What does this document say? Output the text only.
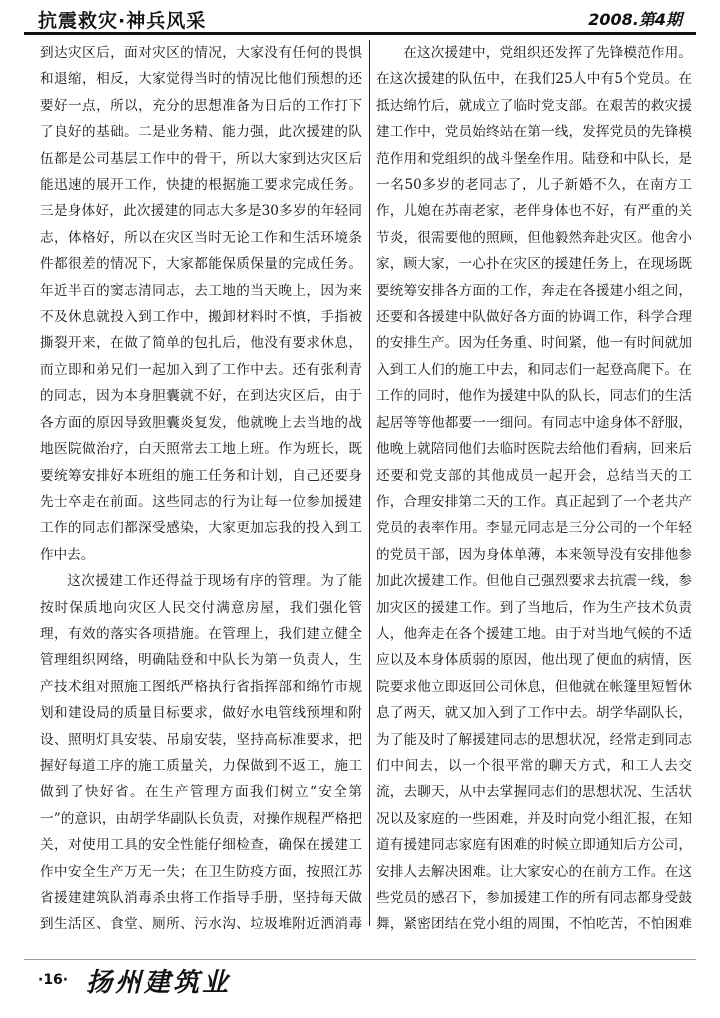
抗震救灾·神兵风采	2008.第4期

到达灾区后，面对灾区的情况，大家没有任何的畏惧和退缩，相反，大家觉得当时的情况比他们预想的还要好一点，所以，充分的思想准备为日后的工作打下了良好的基础。二是业务精、能力强，此次援建的队伍都是公司基层工作中的骨干，所以大家到达灾区后能迅速的展开工作，快捷的根据施工要求完成任务。三是身体好，此次援建的同志大多是30多岁的年轻同志，体格好，所以在灾区当时无论工作和生活环境条件都很差的情况下，大家都能保质保量的完成任务。年近半百的窦志清同志，去工地的当天晚上，因为来不及休息就投入到工作中，搬卸材料时不慎，手指被撕裂开来，在做了简单的包扎后，他没有要求休息，而立即和弟兄们一起加入到了工作中去。还有张利青的同志，因为本身胆囊就不好，在到达灾区后，由于各方面的原因导致胆囊炎复发，他就晚上去当地的战地医院做治疗，白天照常去工地上班。作为班长，既要统筹安排好本班组的施工任务和计划，自己还要身先士卒走在前面。这些同志的行为让每一位参加援建工作的同志们都深受感染，大家更加忘我的投入到工作中去。

这次援建工作还得益于现场有序的管理。为了能按时保质地向灾区人民交付满意房屋，我们强化管理，有效的落实各项措施。在管理上，我们建立健全管理组织网络，明确陆登和中队长为第一负责人，生产技术组对照施工图纸严格执行省指挥部和绵竹市规划和建设局的质量目标要求，做好水电管线预埋和附设、照明灯具安装、吊扇安装，坚持高标准要求，把握好每道工序的施工质量关，力保做到不返工，施工做到了快好省。在生产管理方面我们树立“安全第一”的意识，由胡学华副队长负责，对操作规程严格把关，对使用工具的安全性能仔细检查，确保在援建工作中安全生产万无一失；在卫生防疫方面，按照江苏省援建建筑队消毒杀虫将工作指导手册，坚持每天做到生活区、食堂、厕所、污水沟、垃圾堆附近洒消毒

在这次援建中，党组织还发挥了先锋模范作用。在这次援建的队伍中，在我们25人中有5个党员。在抵达绵竹后，就成立了临时党支部。在艰苦的救灾援建工作中，党员始终站在第一线，发挥党员的先锋模范作用和党组织的战斗堡垒作用。陆登和中队长，是一名50多岁的老同志了，儿子新婚不久，在南方工作，儿媳在苏南老家，老伴身体也不好，有严重的关节炎，很需要他的照顾，但他毅然奔赴灾区。他舍小家，顾大家，一心扑在灾区的援建任务上，在现场既要统筹安排各方面的工作，奔走在各援建小组之间，还要和各援建中队做好各方面的协调工作，科学合理的安排生产。因为任务重、时间紧，他一有时间就加入到工人们的施工中去，和同志们一起登高爬下。在工作的同时，他作为援建中队的队长，同志们的生活起居等等他都要一一细问。有同志中途身体不舒服，他晚上就陪同他们去临时医院去给他们看病，回来后还要和党支部的其他成员一起开会，总结当天的工作，合理安排第二天的工作。真正起到了一个老共产党员的表率作用。李显元同志是三分公司的一个年轻的党员干部，因为身体单薄，本来领导没有安排他参加此次援建工作。但他自己强烈要求去抗震一线，参加灾区的援建工作。到了当地后，作为生产技术负责人，他奔走在各个援建工地。由于对当地气候的不适应以及本身体质弱的原因，他出现了便血的病情，医院要求他立即返回公司休息，但他就在帐篷里短暂休息了两天，就又加入到了工作中去。胡学华副队长，为了能及时了解援建同志的思想状况，经常走到同志们中间去，以一个很平常的聊天方式，和工人去交流，去聊天，从中去掌握同志们的思想状况、生活状况以及家庭的一些困难，并及时向党小组汇报，在知道有援建同志家庭有困难的时候立即通知后方公司，安排人去解决困难。让大家安心的在前方工作。在这些党员的感召下，参加援建工作的所有同志都身受鼓舞，紧密团结在党小组的周围，不怕吃苦，不怕困难

·16· 扬州建筑业
